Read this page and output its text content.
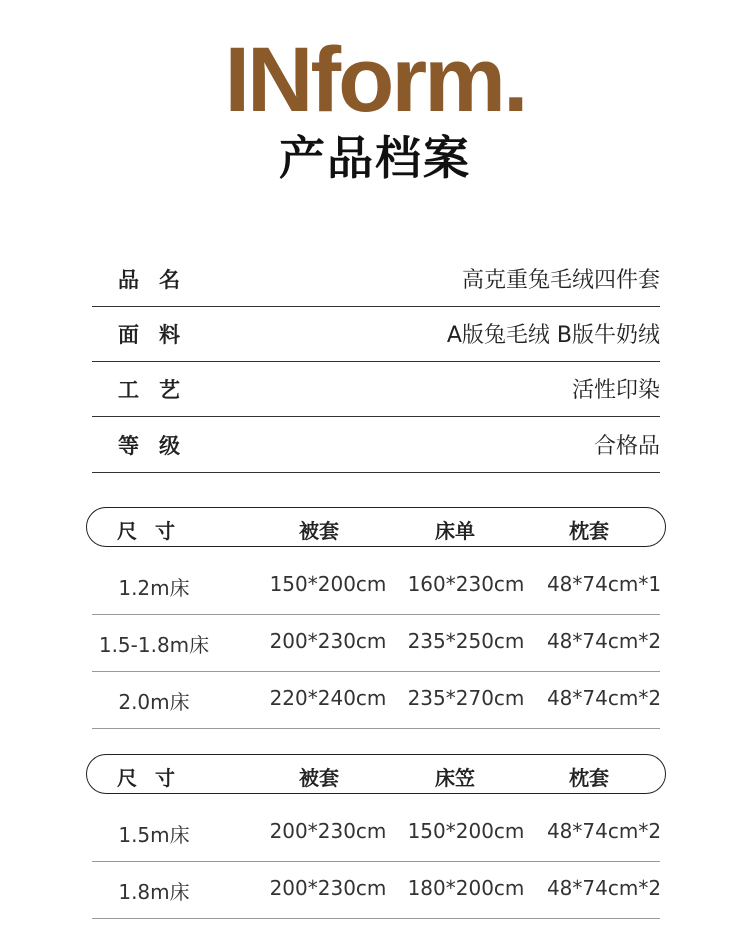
INform.
产品档案
品名	高克重兔毛绒四件套
面料	A版兔毛绒 B版牛奶绒
工艺	活性印染
等级	合格品
尺寸	被套	床单	枕套
1.2m床	150*200cm 160*230cm 48*74cm*1
1.5-1.8m床	200*230cm 235*250cm 48*74cm*2
2.0m床	220*240cm 235*270cm 48*74cm*2
尺寸	被套	床笠	枕套
1.5m床	200*230cm 150*200cm 48*74cm*2
1.8m床	200*230cm 180*200cm 48*74cm*2
